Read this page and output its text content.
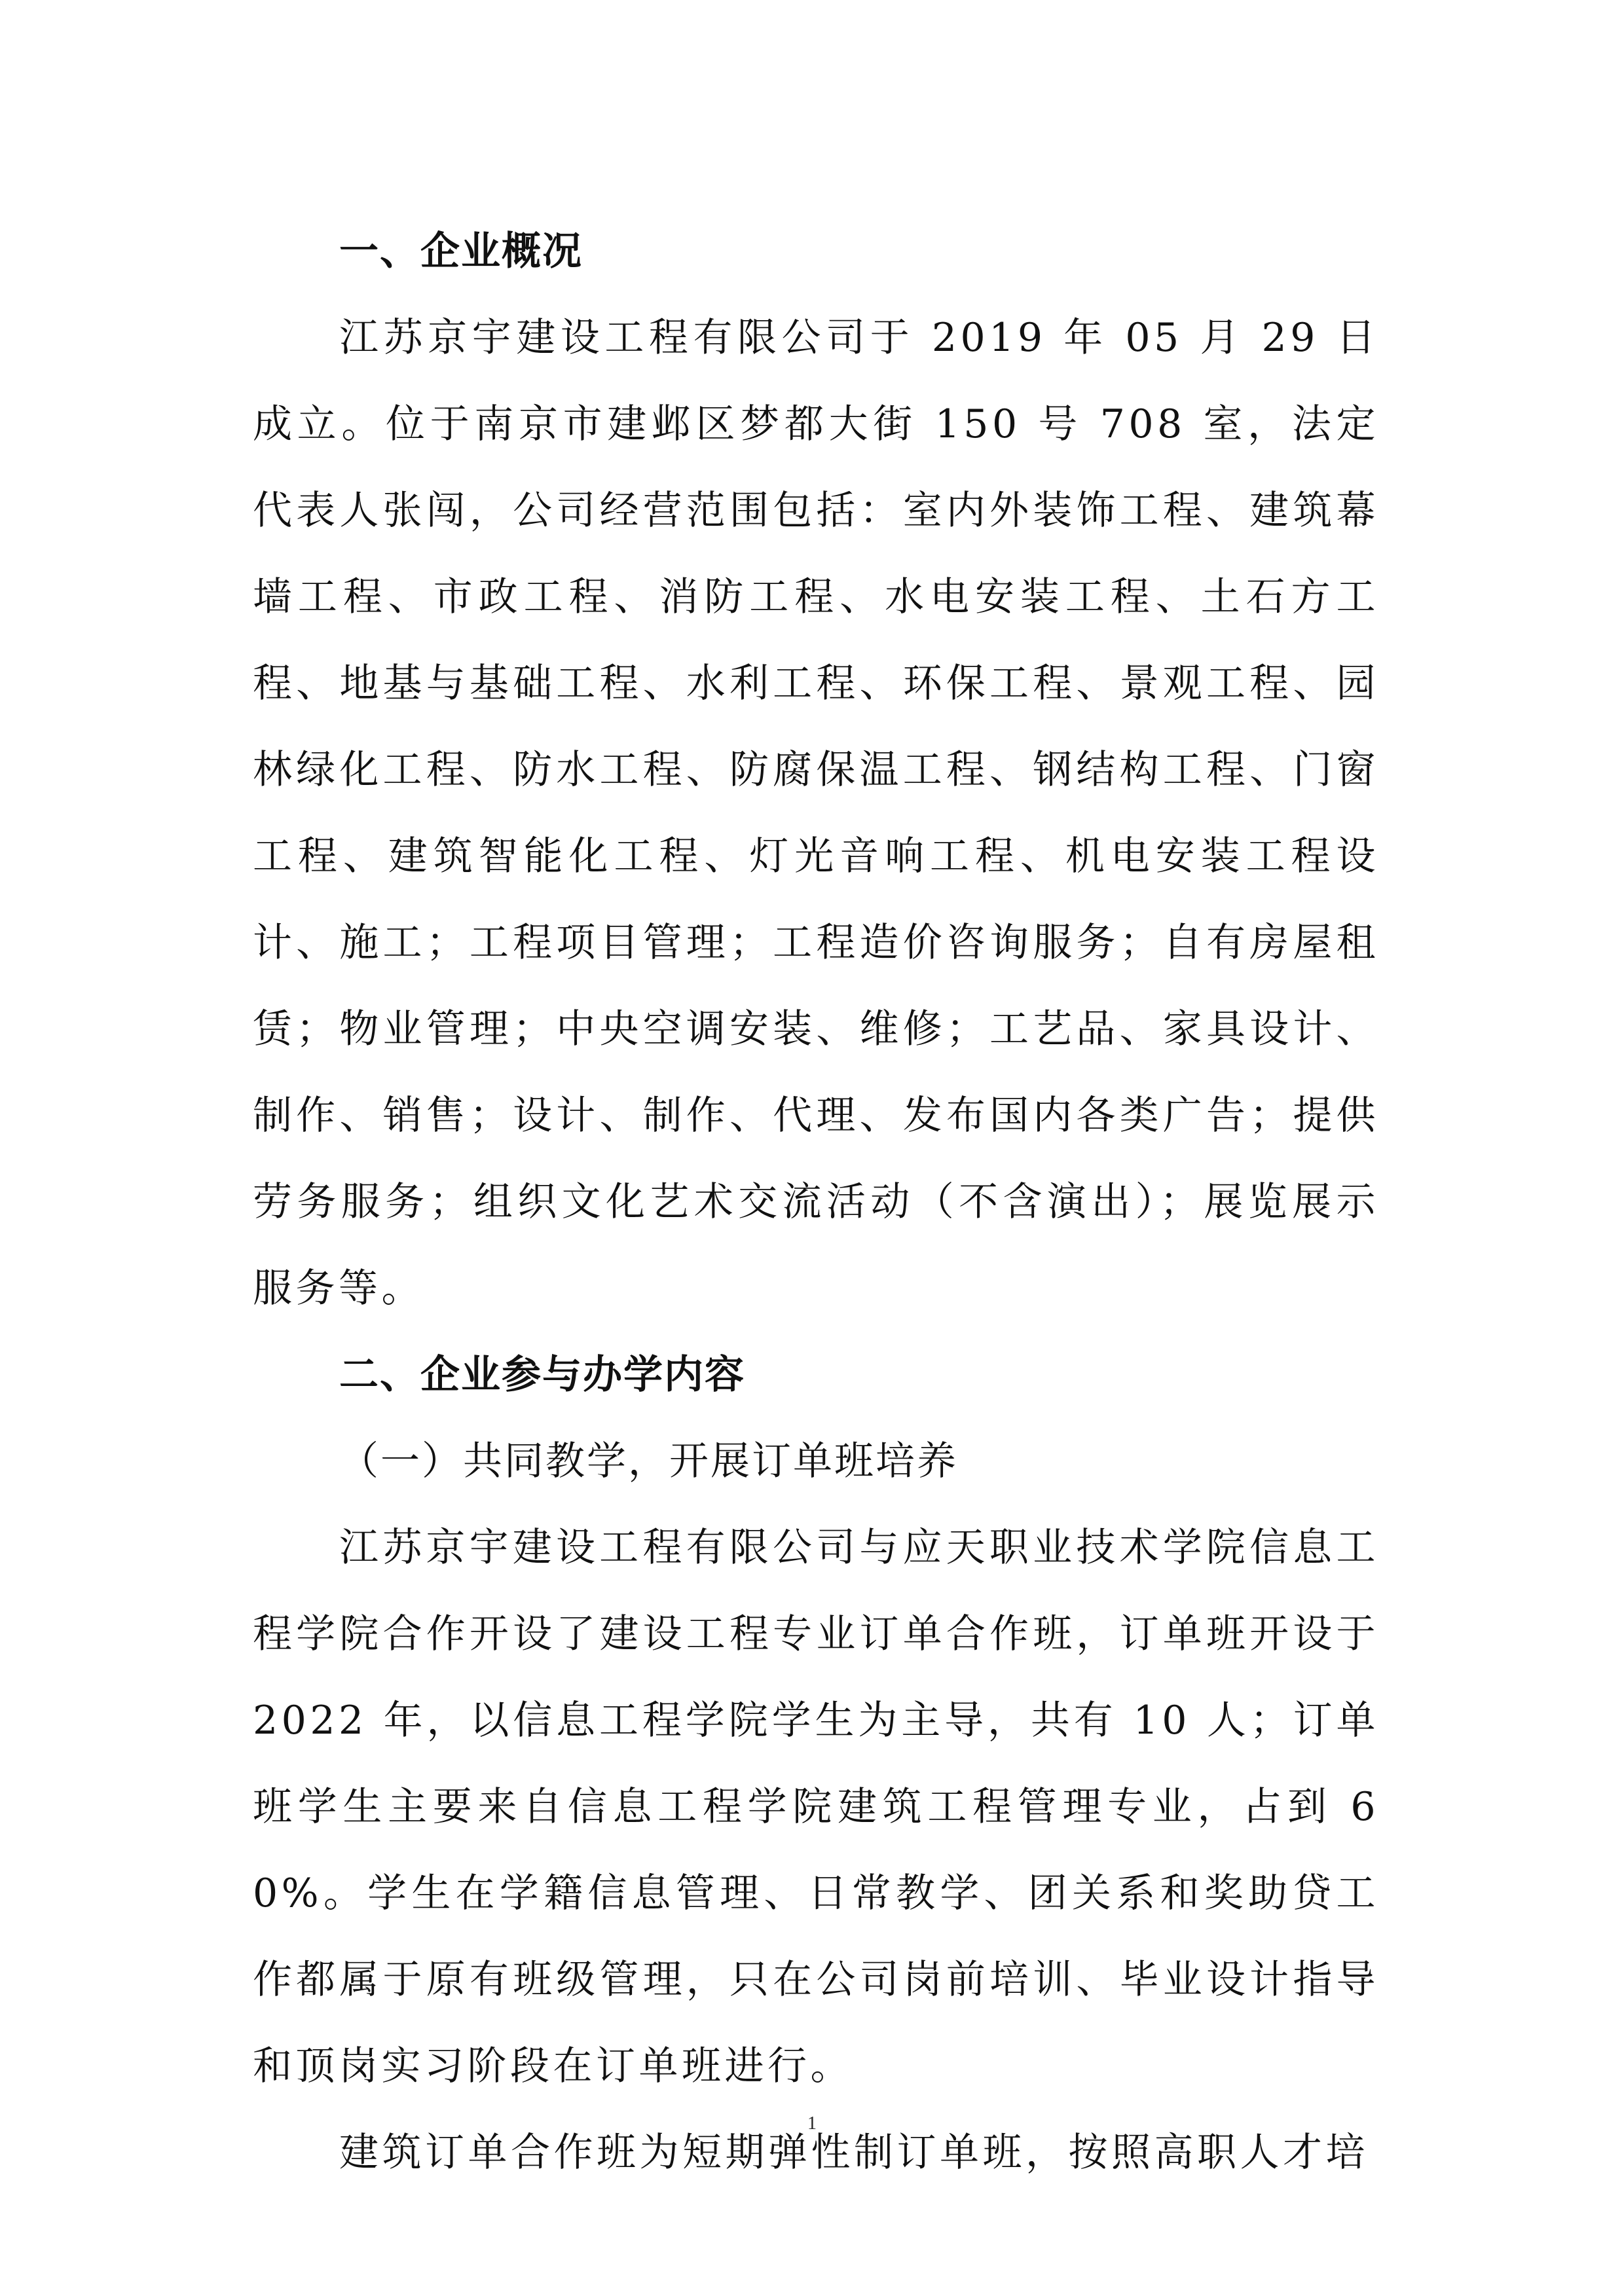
一、企业概况

江苏京宇建设工程有限公司于 2019 年 05 月 29 日成立。位于南京市建邺区梦都大街 150 号 708 室，法定代表人张闯，公司经营范围包括：室内外装饰工程、建筑幕墙工程、市政工程、消防工程、水电安装工程、土石方工程、地基与基础工程、水利工程、环保工程、景观工程、园林绿化工程、防水工程、防腐保温工程、钢结构工程、门窗工程、建筑智能化工程、灯光音响工程、机电安装工程设计、施工；工程项目管理；工程造价咨询服务；自有房屋租赁；物业管理；中央空调安装、维修；工艺品、家具设计、制作、销售；设计、制作、代理、发布国内各类广告；提供劳务服务；组织文化艺术交流活动（不含演出）；展览展示服务等。

二、企业参与办学内容

（一）共同教学，开展订单班培养

江苏京宇建设工程有限公司与应天职业技术学院信息工程学院合作开设了建设工程专业订单合作班，订单班开设于 2022 年，以信息工程学院学生为主导，共有 10 人；订单班学生主要来自信息工程学院建筑工程管理专业，占到 60%。学生在学籍信息管理、日常教学、团关系和奖助贷工作都属于原有班级管理，只在公司岗前培训、毕业设计指导和顶岗实习阶段在订单班进行。

建筑订单合作班为短期弹性制订单班，按照高职人才培

1
